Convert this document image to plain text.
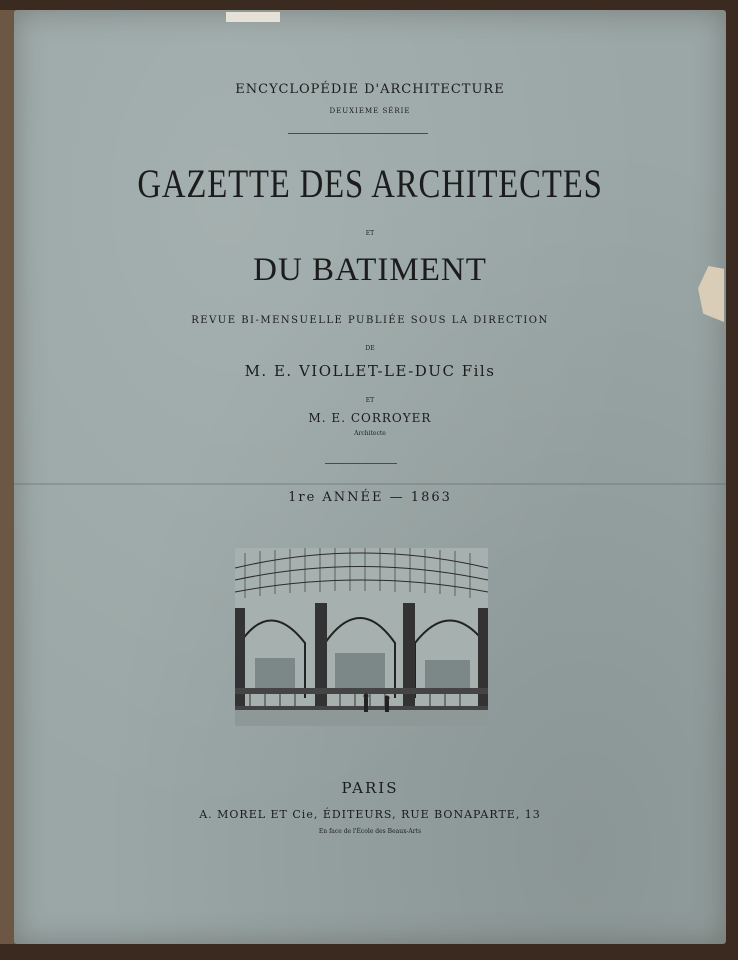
ENCYCLOPÉDIE D'ARCHITECTURE
DEUXIEME SÉRIE
GAZETTE DES ARCHITECTES
ET
DU BATIMENT
REVUE BI-MENSUELLE PUBLIÉE SOUS LA DIRECTION
DE
M. E. VIOLLET-LE-DUC Fils
ET
M. E. CORROYER
Architecte
1re ANNÉE — 1863
PARIS
A. MOREL ET Cie, ÉDITEURS, RUE BONAPARTE, 13
En face de l'École des Beaux-Arts
